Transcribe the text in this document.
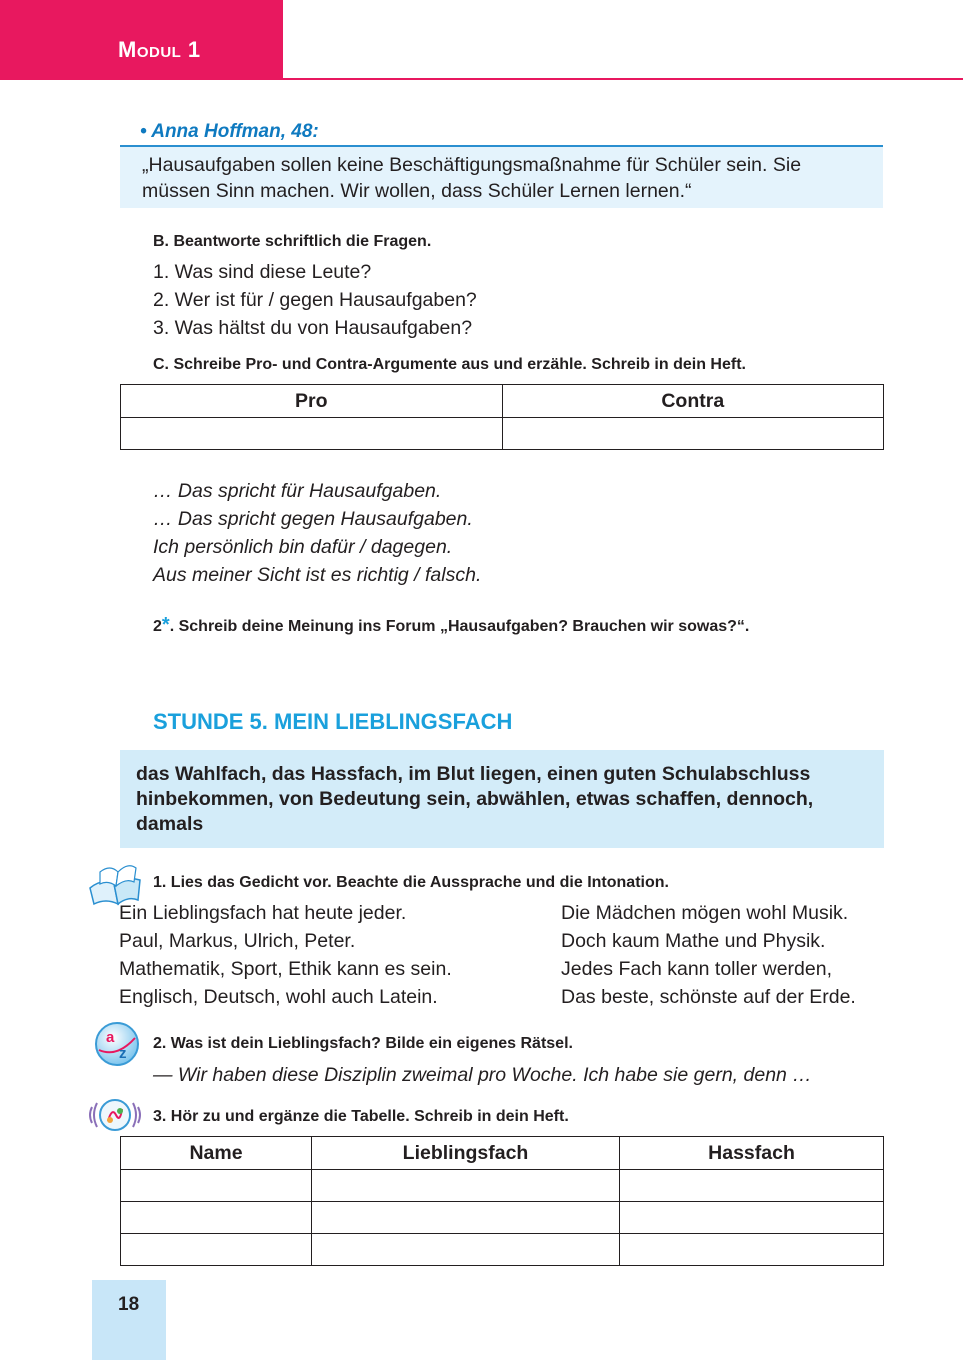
Modul 1
• Anna Hoffman, 48:
„Hausaufgaben sollen keine Beschäftigungsmaßnahme für Schüler sein. Sie
müssen Sinn machen. Wir wollen, dass Schüler Lernen lernen.“
B. Beantworte schriftlich die Fragen.
1. Was sind diese Leute?
2. Wer ist für / gegen Hausaufgaben?
3. Was hältst du von Hausaufgaben?
C. Schreibe Pro- und Contra-Argumente aus und erzähle. Schreib in dein Heft.
Pro	Contra

… Das spricht für Hausaufgaben.
… Das spricht gegen Hausaufgaben.
Ich persönlich bin dafür / dagegen.
Aus meiner Sicht ist es richtig / falsch.
2*. Schreib deine Meinung ins Forum „Hausaufgaben? Brauchen wir sowas?“.
STUNDE 5. MEIN LIEBLINGSFACH
das Wahlfach, das Hassfach, im Blut liegen, einen guten Schulabschluss
hinbekommen, von Bedeutung sein, abwählen, etwas schaffen, dennoch,
damals
1. Lies das Gedicht vor. Beachte die Aussprache und die Intonation.
Ein Lieblingsfach hat heute jeder.
Paul, Markus, Ulrich, Peter.
Mathematik, Sport, Ethik kann es sein.
Englisch, Deutsch, wohl auch Latein.
Die Mädchen mögen wohl Musik.
Doch kaum Mathe und Physik.
Jedes Fach kann toller werden,
Das beste, schönste auf der Erde.
a
z
2. Was ist dein Lieblingsfach? Bilde ein eigenes Rätsel.
— Wir haben diese Disziplin zweimal pro Woche. Ich habe sie gern, denn …
3. Hör zu und ergänze die Tabelle. Schreib in dein Heft.
Name	Lieblingsfach	Hassfach

18
